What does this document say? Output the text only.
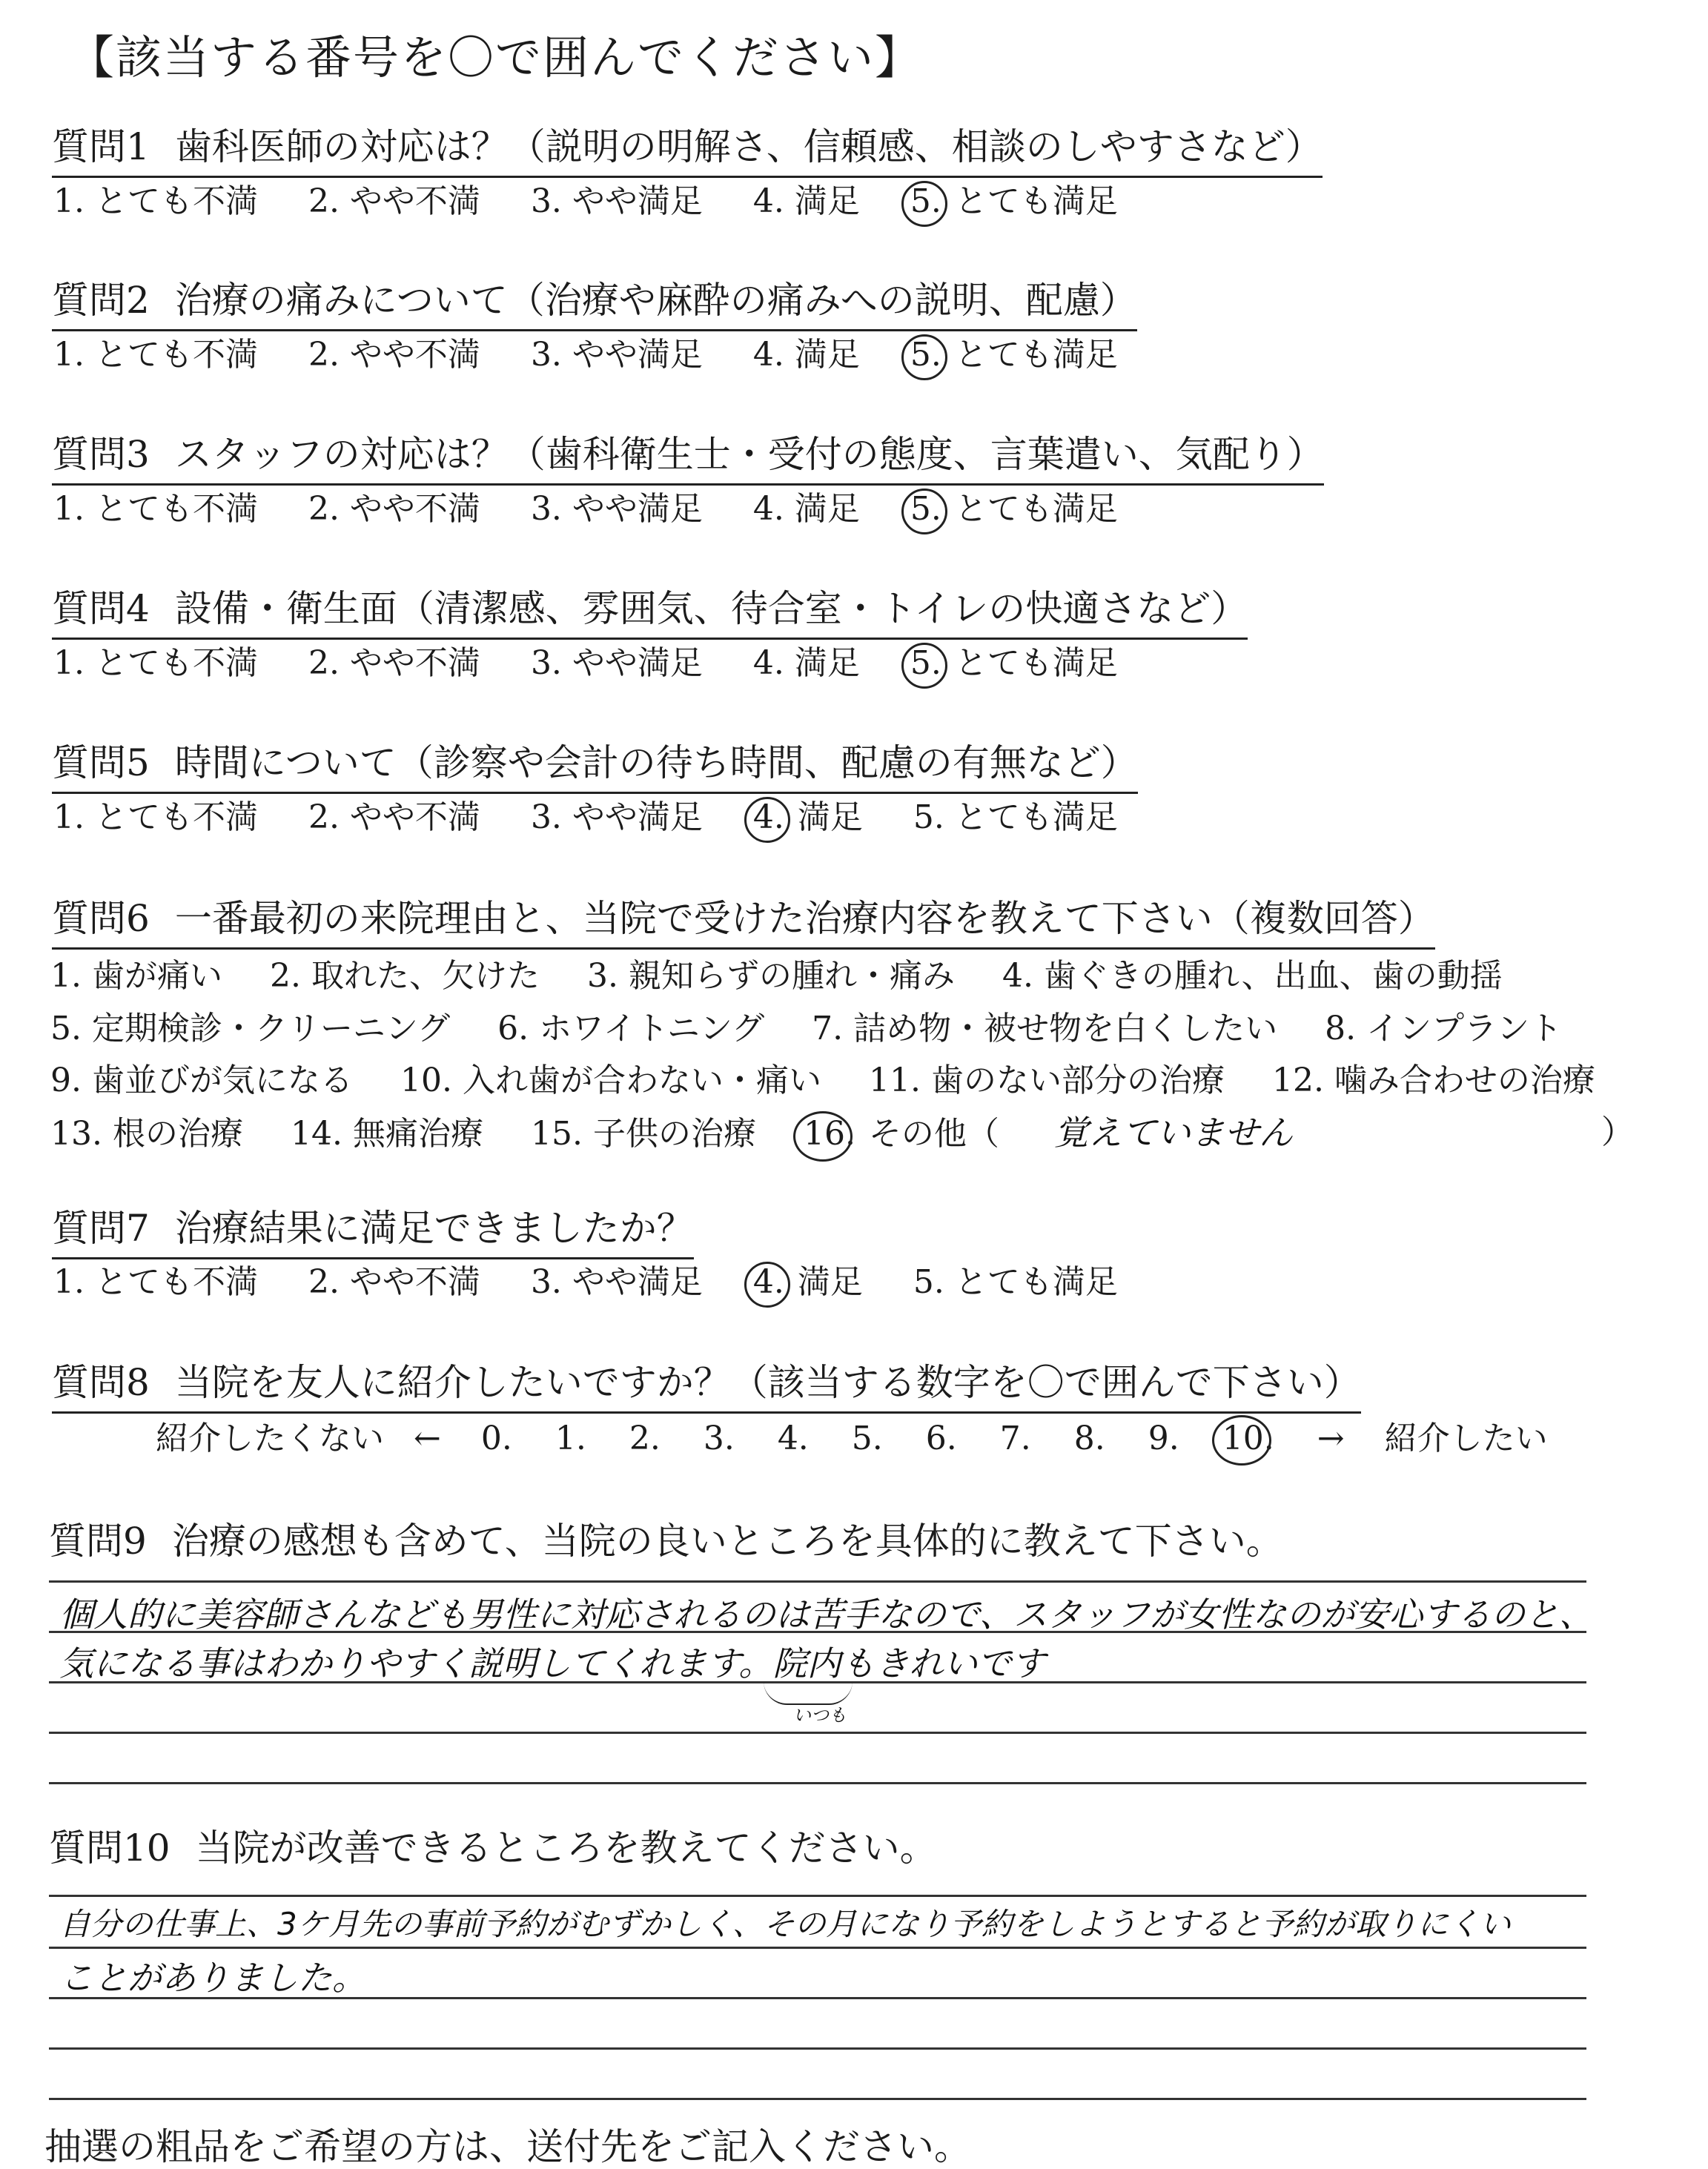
【該当する番号を〇で囲んでください】
質問1 歯科医師の対応は？（説明の明解さ、信頼感、相談のしやすさなど）
1. とても不満 2. やや不満 3. やや満足 4. 満足 5. とても満足
質問2 治療の痛みについて（治療や麻酔の痛みへの説明、配慮）
1. とても不満 2. やや不満 3. やや満足 4. 満足 5. とても満足
質問3 スタッフの対応は？（歯科衛生士・受付の態度、言葉遣い、気配り）
1. とても不満 2. やや不満 3. やや満足 4. 満足 5. とても満足
質問4 設備・衛生面（清潔感、雰囲気、待合室・トイレの快適さなど）
1. とても不満 2. やや不満 3. やや満足 4. 満足 5. とても満足
質問5 時間について（診察や会計の待ち時間、配慮の有無など）
1. とても不満 2. やや不満 3. やや満足 4. 満足 5. とても満足
質問6 一番最初の来院理由と、当院で受けた治療内容を教えて下さい（複数回答）
1. 歯が痛い 2. 取れた、欠けた 3. 親知らずの腫れ・痛み 4. 歯ぐきの腫れ、出血、歯の動揺
5. 定期検診・クリーニング 6. ホワイトニング 7. 詰め物・被せ物を白くしたい 8. インプラント
9. 歯並びが気になる 10. 入れ歯が合わない・痛い 11. 歯のない部分の治療 12. 噛み合わせの治療
13. 根の治療 14. 無痛治療 15. 子供の治療 16. その他（ 覚えていません	）
質問7 治療結果に満足できましたか？
1. とても不満 2. やや不満 3. やや満足 4. 満足 5. とても満足
質問8 当院を友人に紹介したいですか？（該当する数字を〇で囲んで下さい）
紹介したくない ← 0. 1. 2. 3. 4. 5. 6. 7. 8. 9. 10. → 紹介したい
質問9 治療の感想も含めて、当院の良いところを具体的に教えて下さい。
個人的に美容師さんなども男性に対応されるのは苦手なので、スタッフが女性なのが安心するのと、
気になる事はわかりやすく説明してくれます。院内もきれいです
いつも
質問10 当院が改善できるところを教えてください。
自分の仕事上、3ケ月先の事前予約がむずかしく、その月になり予約をしようとすると予約が取りにくい
ことがありました。
抽選の粗品をご希望の方は、送付先をご記入ください。
